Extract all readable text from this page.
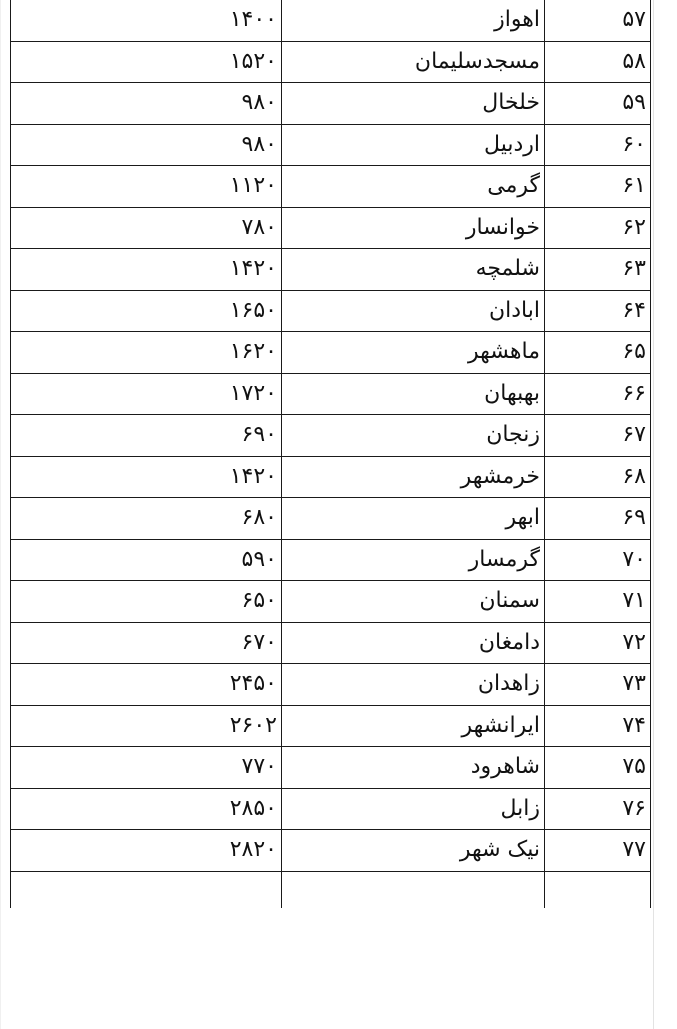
۵۷	اهواز	۱۴۰۰
۵۸	مسجدسلیمان	۱۵۲۰
۵۹	خلخال	۹۸۰
۶۰	اردبیل	۹۸۰
۶۱	گرمی	۱۱۲۰
۶۲	خوانسار	۷۸۰
۶۳	شلمچه	۱۴۲۰
۶۴	ابادان	۱۶۵۰
۶۵	ماهشهر	۱۶۲۰
۶۶	بهبهان	۱۷۲۰
۶۷	زنجان	۶۹۰
۶۸	خرمشهر	۱۴۲۰
۶۹	ابهر	۶۸۰
۷۰	گرمسار	۵۹۰
۷۱	سمنان	۶۵۰
۷۲	دامغان	۶۷۰
۷۳	زاهدان	۲۴۵۰
۷۴	ایرانشهر	۲۶۰۲
۷۵	شاهرود	۷۷۰
۷۶	زابل	۲۸۵۰
۷۷	نیک شهر	۲۸۲۰
